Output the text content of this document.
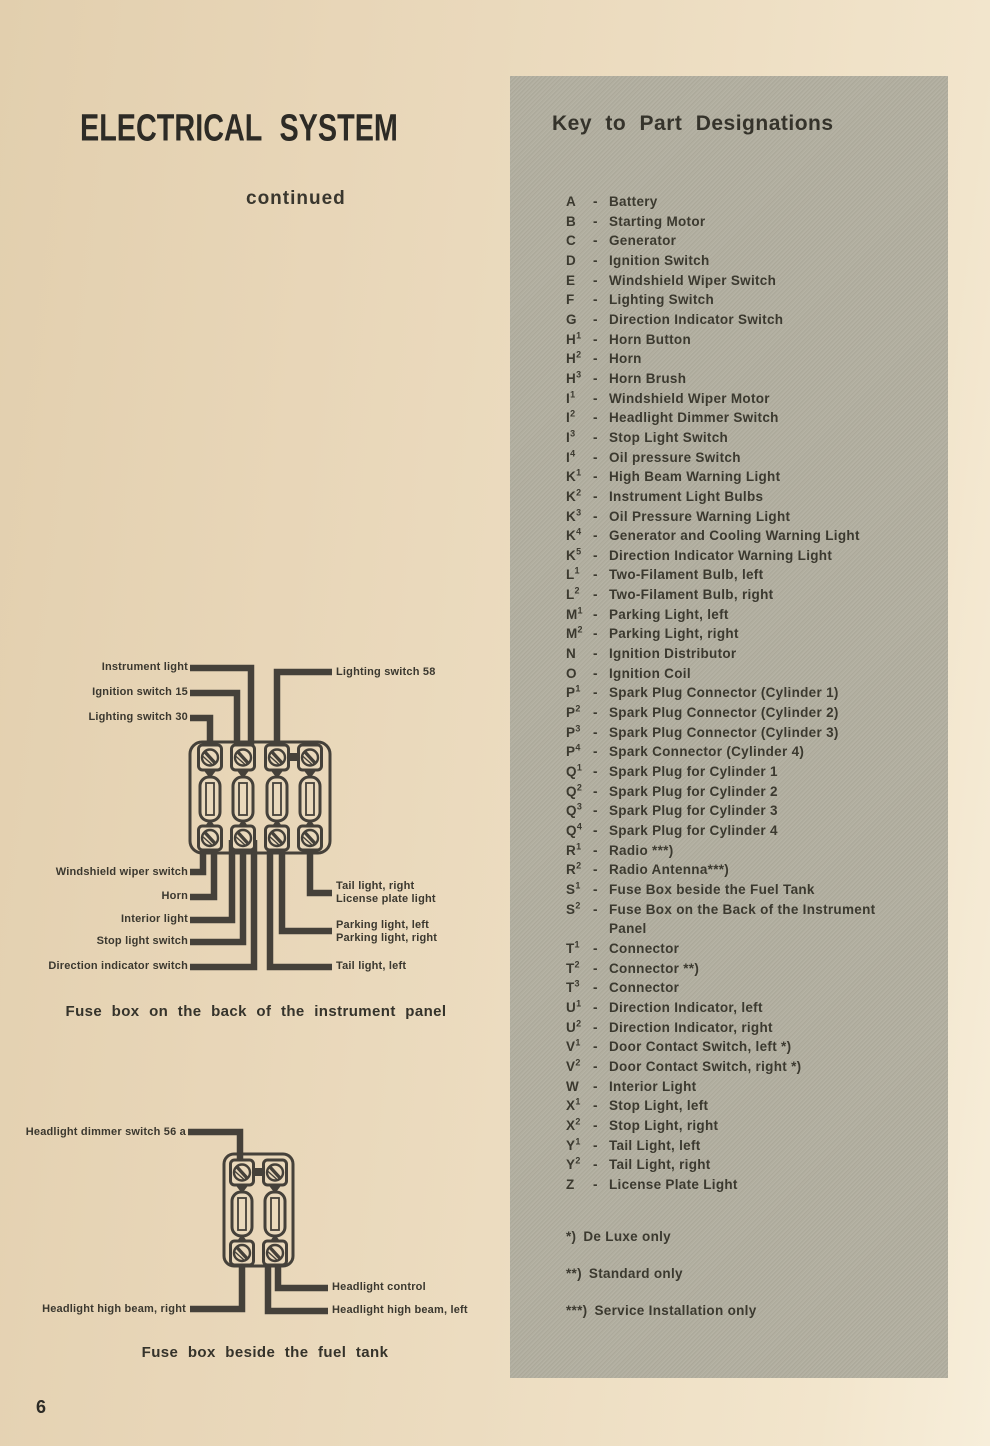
ELECTRICAL SYSTEM
continued
6
Key to Part Designations
A	- Battery
B	- Starting Motor
C	- Generator
D	- Ignition Switch
E	- Windshield Wiper Switch
F	- Lighting Switch
G	- Direction Indicator Switch
$H^1$ - Horn Button
$H^2$ - Horn
$H^3$ - Horn Brush
$I^1$	- Windshield Wiper Motor
$I^2$	- Headlight Dimmer Switch
$I^3$	- Stop Light Switch
$I^4$	- Oil pressure Switch
$K^1$ - High Beam Warning Light
$K^2$ - Instrument Light Bulbs
$K^3$ - Oil Pressure Warning Light
$K^4$ - Generator and Cooling Warning Light
$K^5$ - Direction Indicator Warning Light
$L^1$ - Two-Filament Bulb, left
$L^2$ - Two-Filament Bulb, right
$M^1$ - Parking Light, left
$M^2$ - Parking Light, right
N	- Ignition Distributor
O	- Ignition Coil
$P^1$ - Spark Plug Connector (Cylinder 1)
$P^2$ - Spark Plug Connector (Cylinder 2)
$P^3$ - Spark Plug Connector (Cylinder 3)
$P^4$ - Spark Connector (Cylinder 4)
$Q^1$ - Spark Plug for Cylinder 1
$Q^2$ - Spark Plug for Cylinder 2
$Q^3$ - Spark Plug for Cylinder 3
$Q^4$ - Spark Plug for Cylinder 4
$R^1$ - Radio ***)
$R^2$ - Radio Antenna***)
$S^1$ - Fuse Box beside the Fuel Tank
$S^2$ - Fuse Box on the Back of the Instrument
Panel
$T^1$ - Connector
$T^2$ - Connector **)
$T^3$ - Connector
$U^1$ - Direction Indicator, left
$U^2$ - Direction Indicator, right
$V^1$ - Door Contact Switch, left *)
$V^2$ - Door Contact Switch, right *)
W	- Interior Light
$X^1$ - Stop Light, left
$X^2$ - Stop Light, right
$Y^1$ - Tail Light, left
$Y^2$ - Tail Light, right
Z	- License Plate Light
*) De Luxe only
**) Standard only
***) Service Installation only
Instrument light
Ignition switch 15
Lighting switch 30
Lighting switch 58
Windshield wiper switch
Horn
Interior light
Stop light switch
Direction indicator switch
Tail light, right
License plate light
Parking light, left
Parking light, right
Tail light, left
Fuse box on the back of the instrument panel
Headlight dimmer switch 56 a
Headlight high beam, right
Headlight control
Headlight high beam, left
Fuse box beside the fuel tank
